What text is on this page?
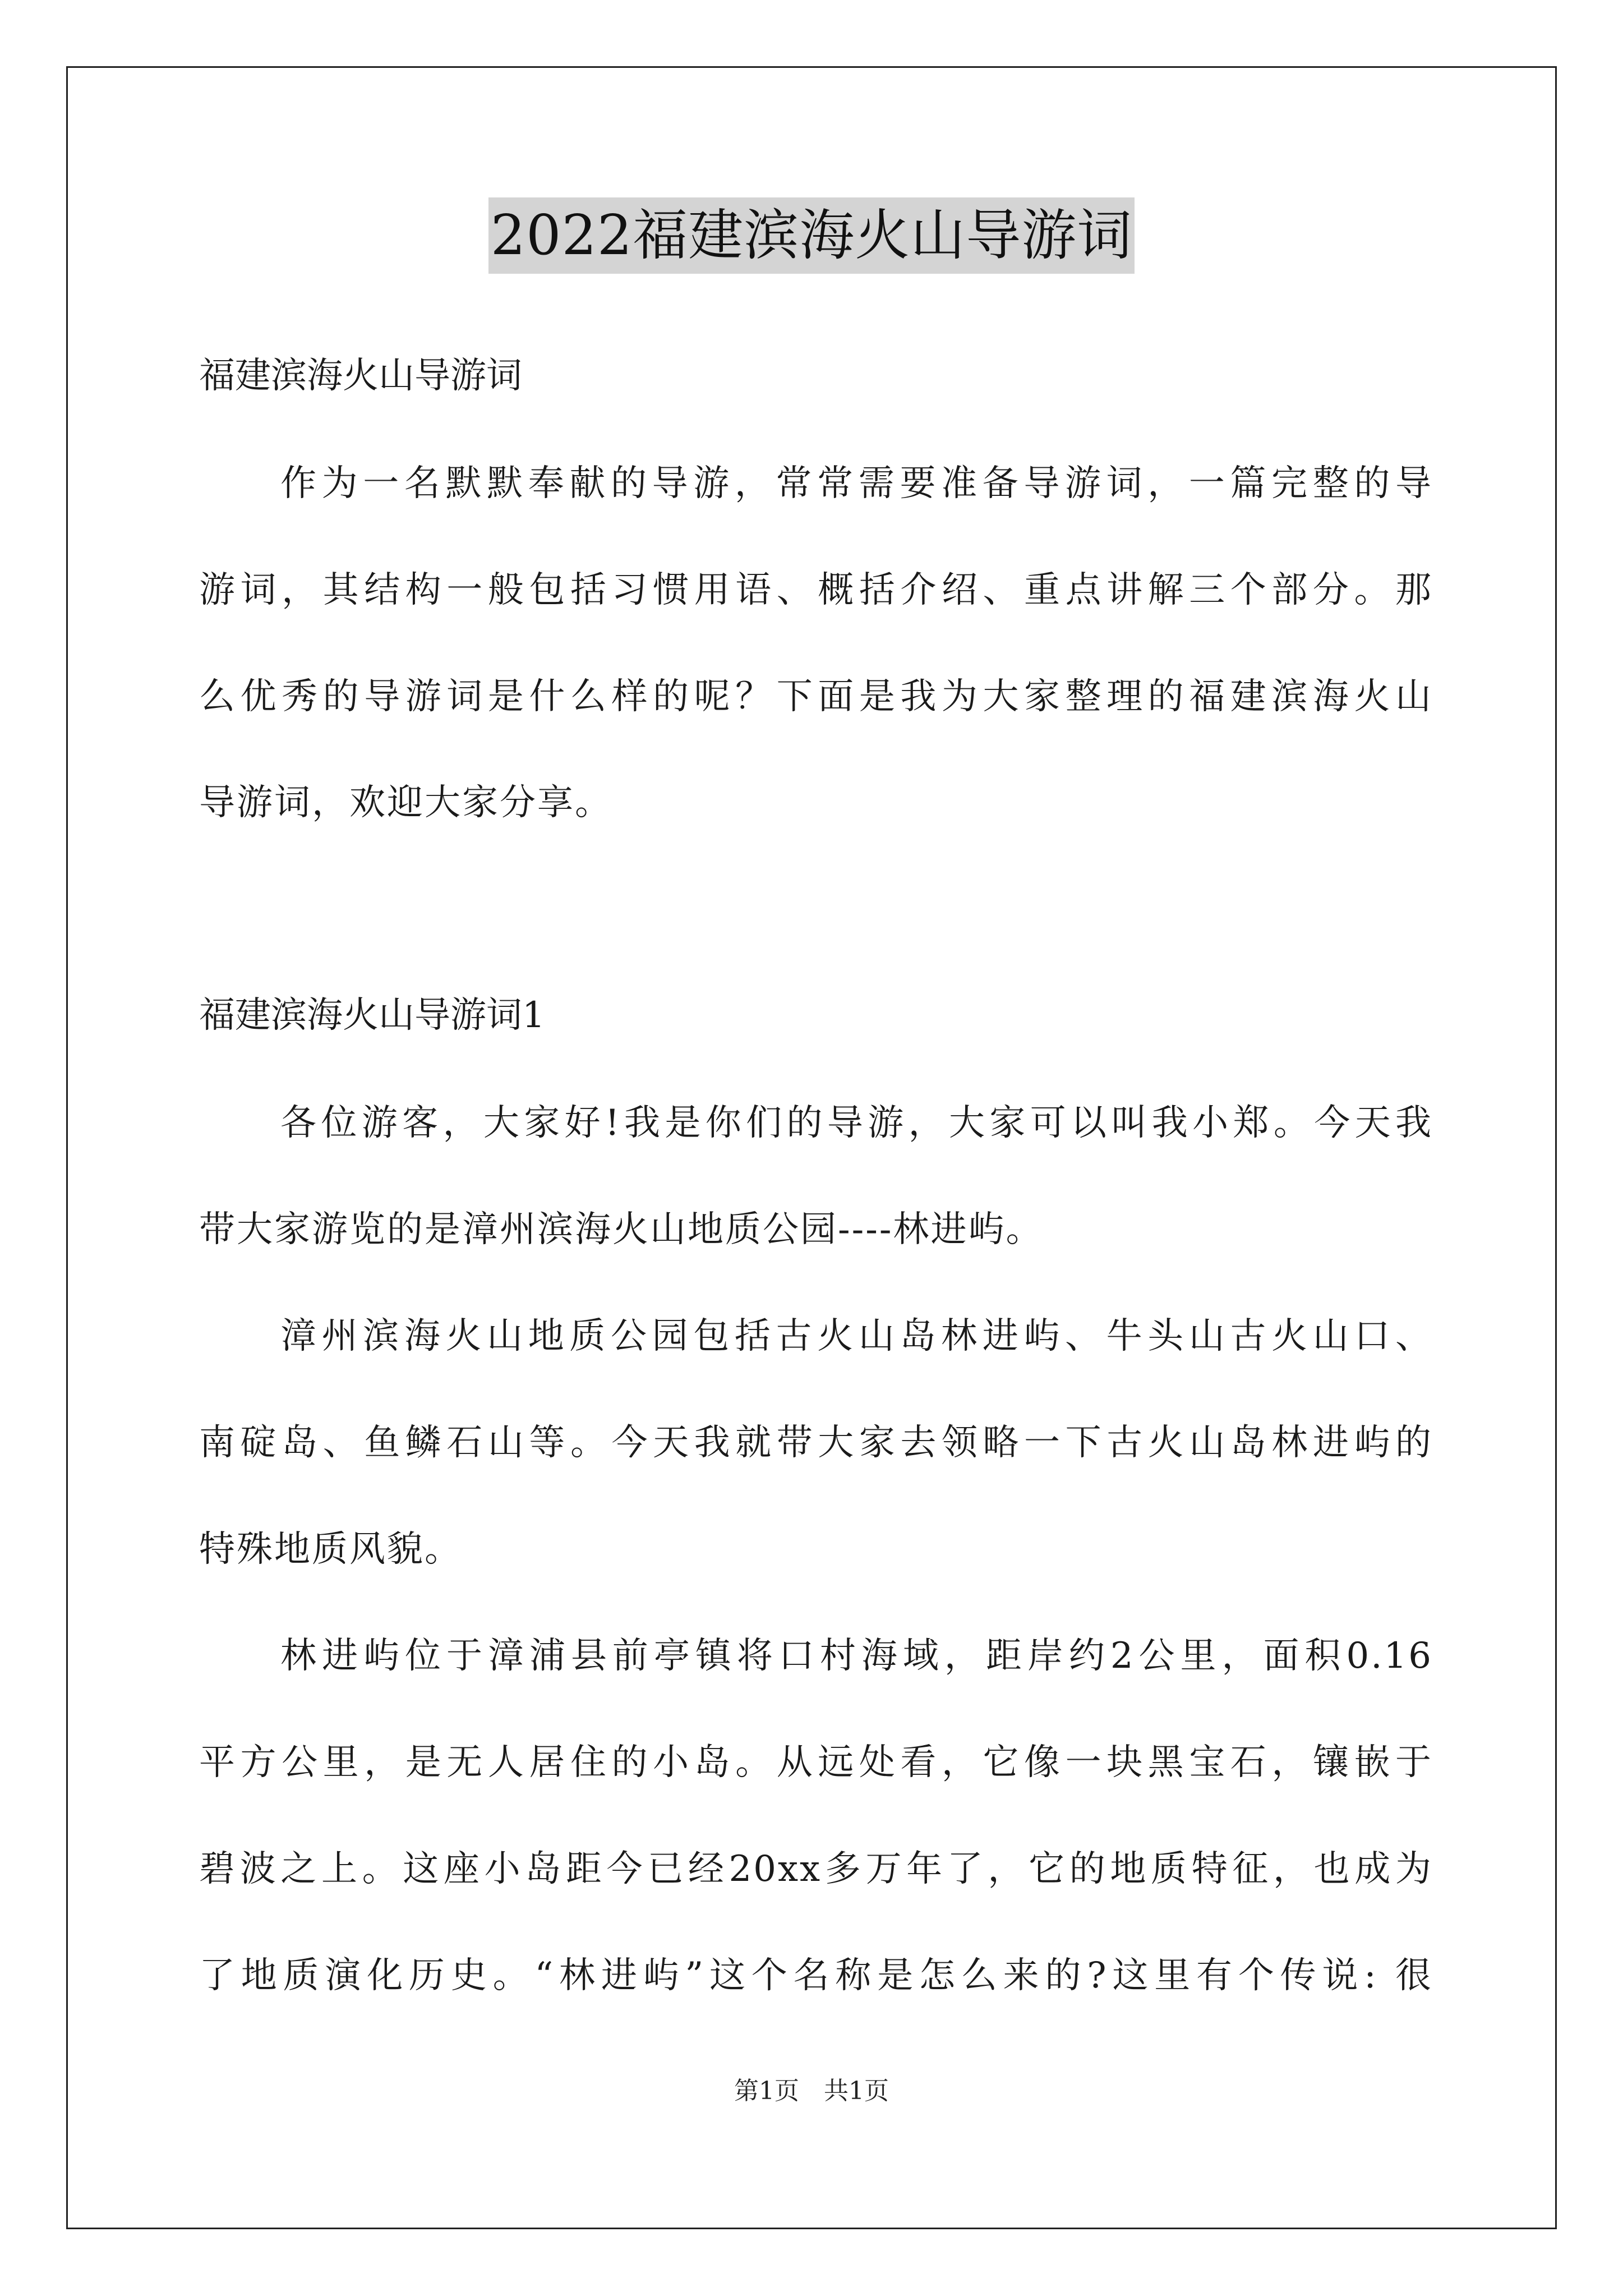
2022福建滨海火山导游词
福建滨海火山导游词
作为一名默默奉献的导游，常常需要准备导游词，一篇完整的导
游词，其结构一般包括习惯用语、概括介绍、重点讲解三个部分。那
么优秀的导游词是什么样的呢？下面是我为大家整理的福建滨海火山
导游词，欢迎大家分享。
福建滨海火山导游词1
各位游客，大家好!我是你们的导游，大家可以叫我小郑。今天我
带大家游览的是漳州滨海火山地质公园----林进屿。
漳州滨海火山地质公园包括古火山岛林进屿、牛头山古火山口、
南碇岛、鱼鳞石山等。今天我就带大家去领略一下古火山岛林进屿的
特殊地质风貌。
林进屿位于漳浦县前亭镇将口村海域，距岸约2公里，面积0.16
平方公里，是无人居住的小岛。从远处看，它像一块黑宝石，镶嵌于
碧波之上。这座小岛距今已经20xx多万年了，它的地质特征，也成为
了地质演化历史。“林进屿”这个名称是怎么来的?这里有个传说: 很
第1页　共1页
